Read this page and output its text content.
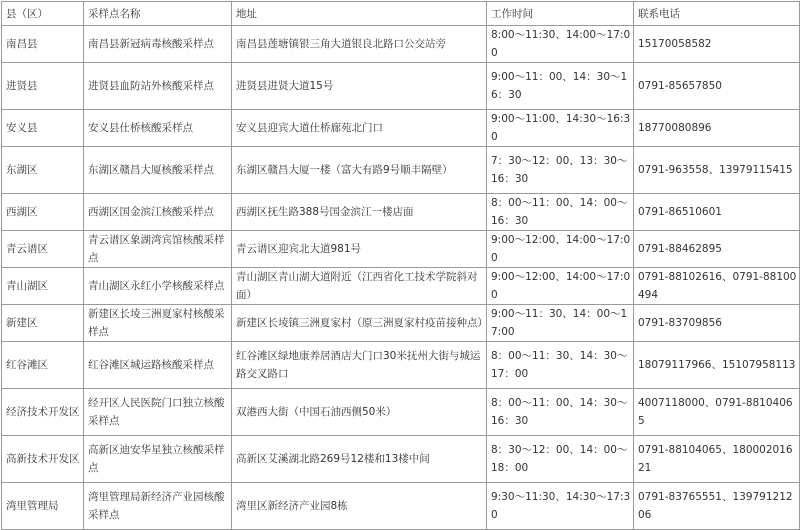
县（区）	采样点名称	地址	工作时间	联系电话
南昌县	南昌县新冠病毒核酸采样点	南昌县莲塘镇银三角大道银良北路口公交站旁	8:00～11:30、14:00～17:00	15170058582
进贤县	进贤县血防站外核酸采样点	进贤县进贤大道15号	9:00～11：00、14：30～16：30	0791-85657850
安义县	安义县仕桥核酸采样点	安义县迎宾大道仕桥廊苑北门口	9:00～11:00、14:30～16:30	18770080896
东湖区	东湖区赣昌大厦核酸采样点	东湖区赣昌大厦一楼（富大有路9号顺丰隔壁）	7：30～12：00、13：30～16：30	0791-963558、13979115415
西湖区	西湖区国金滨江核酸采样点	西湖区抚生路388号国金滨江一楼店面	8：00～11：00、14：00～16：30	0791-86510601
青云谱区	青云谱区象湖湾宾馆核酸采样点	青云谱区迎宾北大道981号	9:00～12:00、14:00～17:00	0791-88462895
青山湖区	青山湖区永红小学核酸采样点	青山湖区青山湖大道附近（江西省化工技术学院斜对面）	9:00～12:00、14:00～17:00	0791-88102616、0791-88100494
新建区	新建区长堎三洲夏家村核酸采样点	新建区长堎镇三洲夏家村（原三洲夏家村疫苗接种点）	9:00～11：30、14：00～17:00	0791-83709856
红谷滩区	红谷滩区城运路核酸采样点	红谷滩区绿地康养居酒店大门口30米抚州大街与城运路交叉路口	8：00～11：30、14：30～17：00	18079117966、15107958113
经济技术开发区	经开区人民医院门口独立核酸采样点	双港西大街（中国石油西侧50米）	8：00～11：00、14：30～16：30	4007118000、0791-88104065
高新技术开发区	高新区迪安华星独立核酸采样点	高新区艾溪湖北路269号12楼和13楼中间	8：30～12：00、14：00～18：00	0791-88104065、18000201621
湾里管理局	湾里管理局新经济产业园核酸采样点	湾里区新经济产业园8栋	9:30～11:30、14:30～17:30	0791-83765551、13979121206
